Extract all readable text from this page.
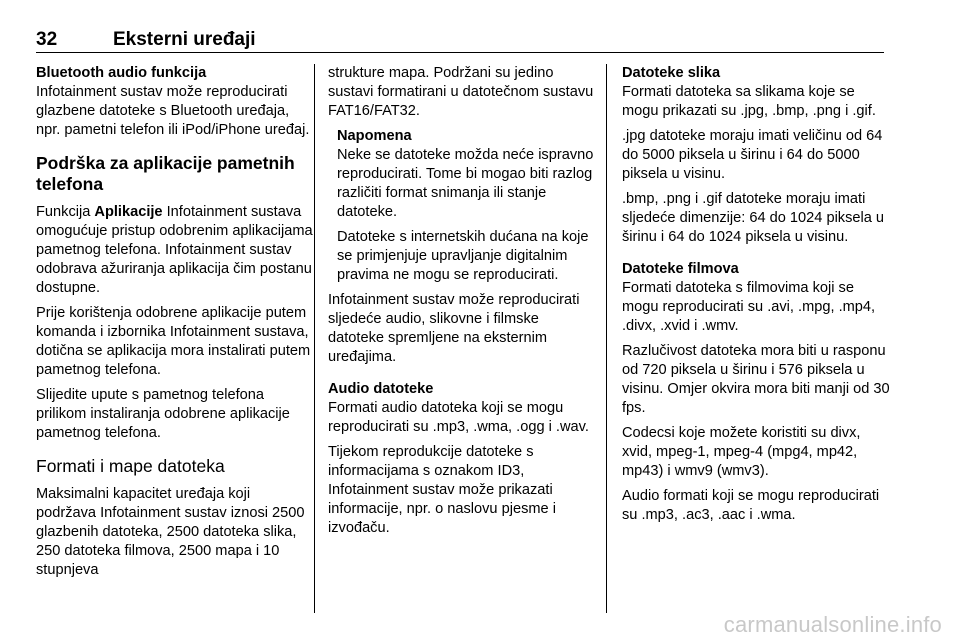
32	Eksterni uređaji
Bluetooth audio funkcija

Infotainment sustav može reproducirati glazbene datoteke s Bluetooth uređaja, npr. pametni telefon ili iPod/iPhone uređaj.

Podrška za aplikacije pametnih telefona

Funkcija Aplikacije Infotainment sustava omogućuje pristup odobrenim aplikacijama pametnog telefona. Infotainment sustav odobrava ažuriranja aplikacija čim postanu dostupne.

Prije korištenja odobrene aplikacije putem komanda i izbornika Infotainment sustava, dotična se aplikacija mora instalirati putem pametnog telefona.

Slijedite upute s pametnog telefona prilikom instaliranja odobrene aplikacije pametnog telefona.

Formati i mape datoteka

Maksimalni kapacitet uređaja koji podržava Infotainment sustav iznosi 2500 glazbenih datoteka, 2500 datoteka slika, 250 datoteka filmova, 2500 mapa i 10 stupnjeva

strukture mapa. Podržani su jedino sustavi formatirani u datotečnom sustavu FAT16/FAT32.

Napomena

Neke se datoteke možda neće ispravno reproducirati. Tome bi mogao biti razlog različiti format snimanja ili stanje datoteke.

Datoteke s internetskih dućana na koje se primjenjuje upravljanje digitalnim pravima ne mogu se reproducirati.

Infotainment sustav može reproducirati sljedeće audio, slikovne i filmske datoteke spremljene na eksternim uređajima.

Audio datoteke

Formati audio datoteka koji se mogu reproducirati su .mp3, .wma, .ogg i .wav.

Tijekom reprodukcije datoteke s informacijama s oznakom ID3, Infotainment sustav može prikazati informacije, npr. o naslovu pjesme i izvođaču.

Datoteke slika

Formati datoteka sa slikama koje se mogu prikazati su .jpg, .bmp, .png i .gif.

.jpg datoteke moraju imati veličinu od 64 do 5000 piksela u širinu i 64 do 5000 piksela u visinu.

.bmp, .png i .gif datoteke moraju imati sljedeće dimenzije: 64 do 1024 piksela u širinu i 64 do 1024 piksela u visinu.

Datoteke filmova

Formati datoteka s filmovima koji se mogu reproducirati su .avi, .mpg, .mp4, .divx, .xvid i .wmv.

Razlučivost datoteka mora biti u rasponu od 720 piksela u širinu i 576 piksela u visinu. Omjer okvira mora biti manji od 30 fps.

Codecsi koje možete koristiti su divx, xvid, mpeg-1, mpeg-4 (mpg4, mp42, mp43) i wmv9 (wmv3).

Audio formati koji se mogu reproducirati su .mp3, .ac3, .aac i .wma.

carmanualsonline.info
